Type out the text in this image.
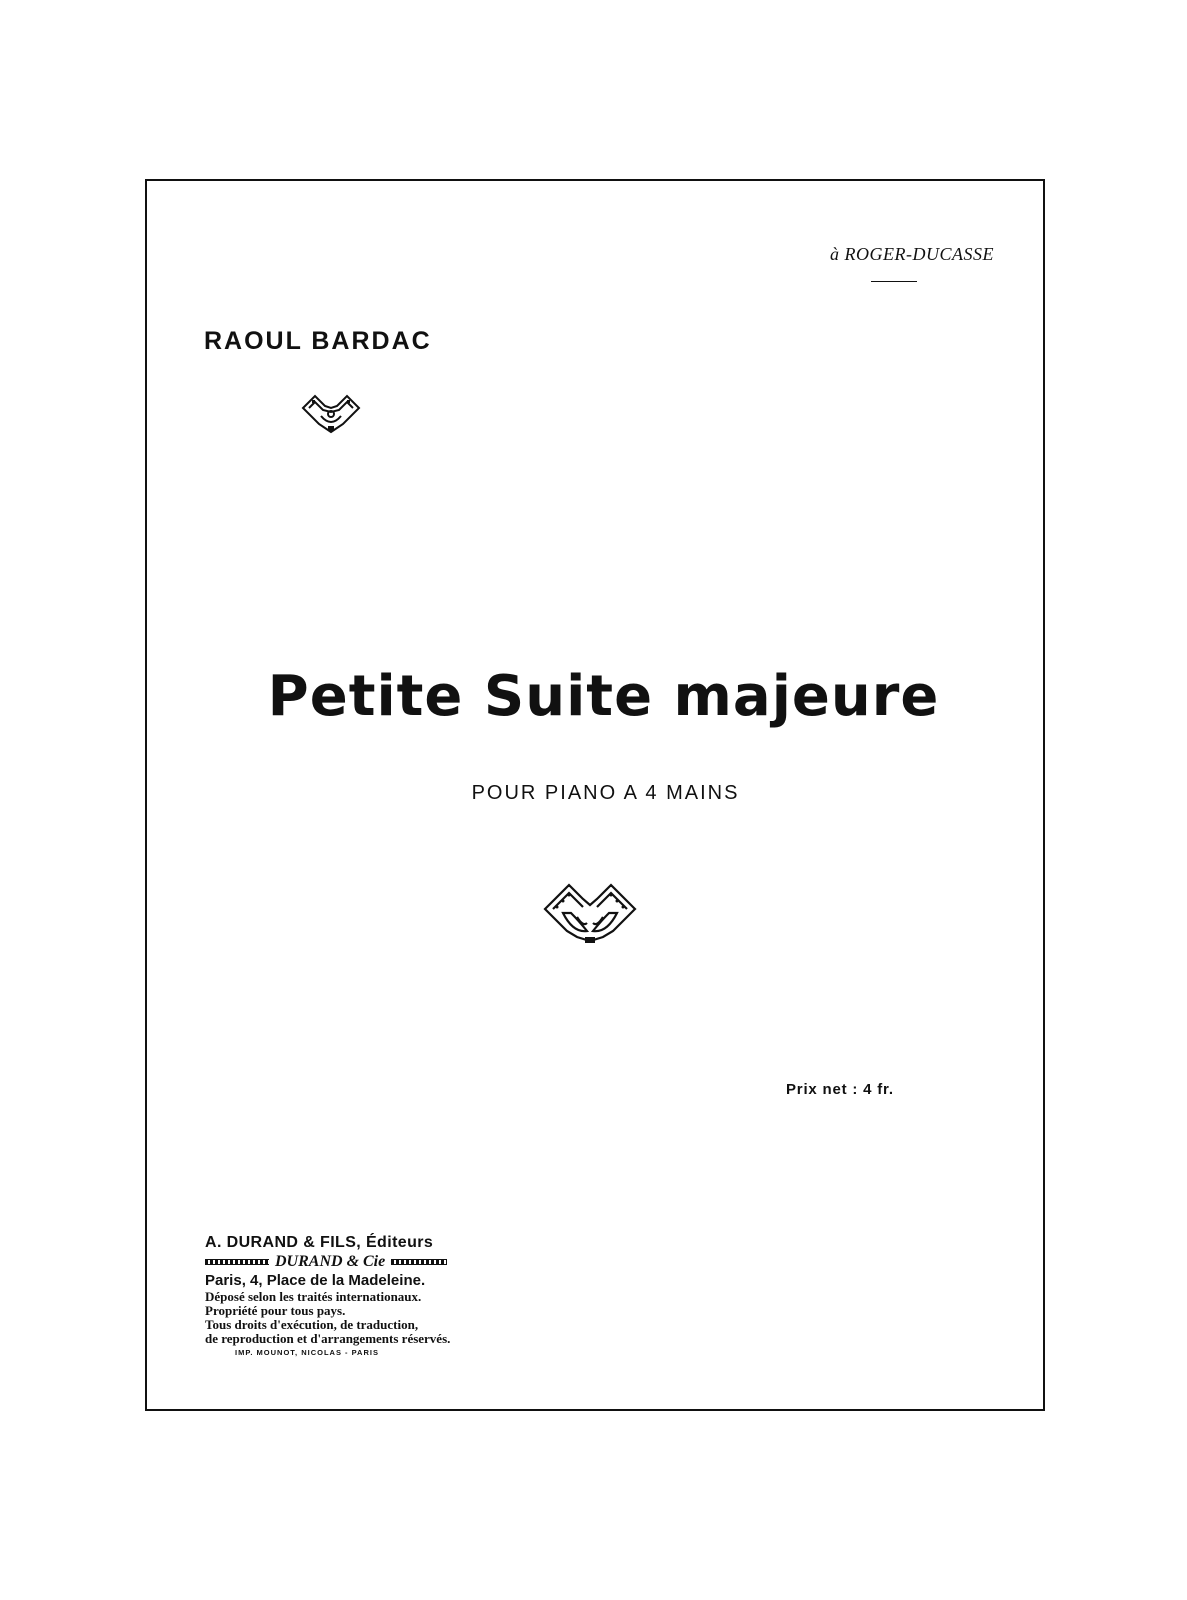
à ROGER-DUCASSE
RAOUL BARDAC
Petite Suite majeure
POUR PIANO A 4 MAINS
Prix net : 4 fr.
A. DURAND & FILS, Éditeurs
DURAND & Cie
Paris, 4, Place de la Madeleine.
Déposé selon les traités internationaux.
Propriété pour tous pays.
Tous droits d'exécution, de traduction,
de reproduction et d'arrangements réservés.
IMP. MOUNOT, NICOLAS - PARIS
